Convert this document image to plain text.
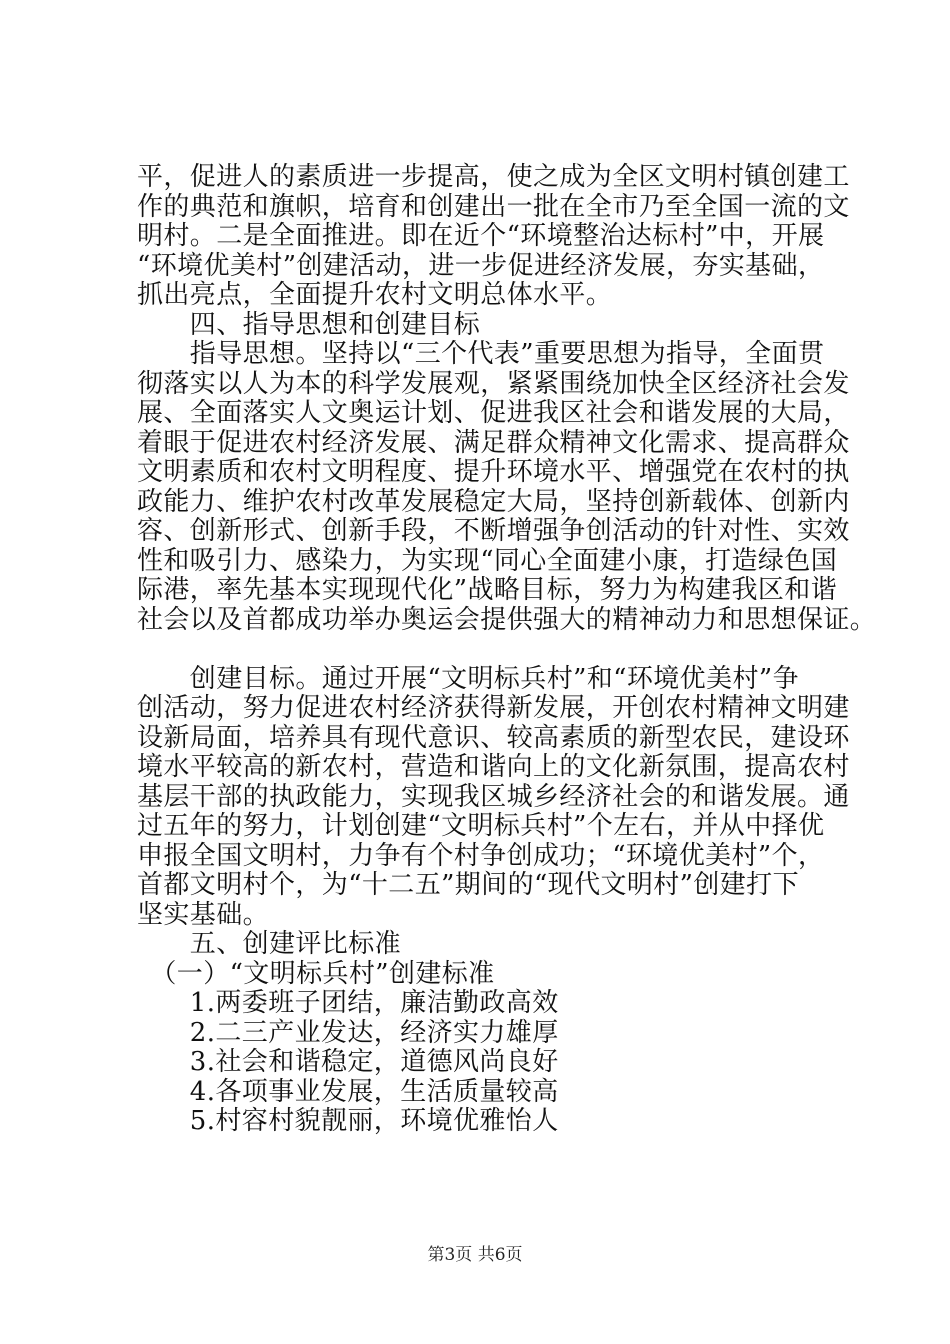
平，促进人的素质进一步提高，使之成为全区文明村镇创建工
作的典范和旗帜，培育和创建出一批在全市乃至全国一流的文
明村。二是全面推进。即在近个“环境整治达标村”中，开展
“环境优美村”创建活动，进一步促进经济发展，夯实基础，
抓出亮点，全面提升农村文明总体水平。
　　四、指导思想和创建目标
　　指导思想。坚持以“三个代表”重要思想为指导，全面贯
彻落实以人为本的科学发展观，紧紧围绕加快全区经济社会发
展、全面落实人文奥运计划、促进我区社会和谐发展的大局，
着眼于促进农村经济发展、满足群众精神文化需求、提高群众
文明素质和农村文明程度、提升环境水平、增强党在农村的执
政能力、维护农村改革发展稳定大局，坚持创新载体、创新内
容、创新形式、创新手段，不断增强争创活动的针对性、实效
性和吸引力、感染力，为实现“同心全面建小康，打造绿色国
际港，率先基本实现现代化”战略目标，努力为构建我区和谐
社会以及首都成功举办奥运会提供强大的精神动力和思想保证。
　　创建目标。通过开展“文明标兵村”和“环境优美村”争
创活动，努力促进农村经济获得新发展，开创农村精神文明建
设新局面，培养具有现代意识、较高素质的新型农民，建设环
境水平较高的新农村，营造和谐向上的文化新氛围，提高农村
基层干部的执政能力，实现我区城乡经济社会的和谐发展。通
过五年的努力，计划创建“文明标兵村”个左右，并从中择优
申报全国文明村，力争有个村争创成功；“环境优美村”个，
首都文明村个，为“十二五”期间的“现代文明村”创建打下
坚实基础。
　　五、创建评比标准
　（一）“文明标兵村”创建标准
　　1.两委班子团结，廉洁勤政高效
　　2.二三产业发达，经济实力雄厚
　　3.社会和谐稳定，道德风尚良好
　　4.各项事业发展，生活质量较高
　　5.村容村貌靓丽，环境优雅怡人
第3页 共6页
